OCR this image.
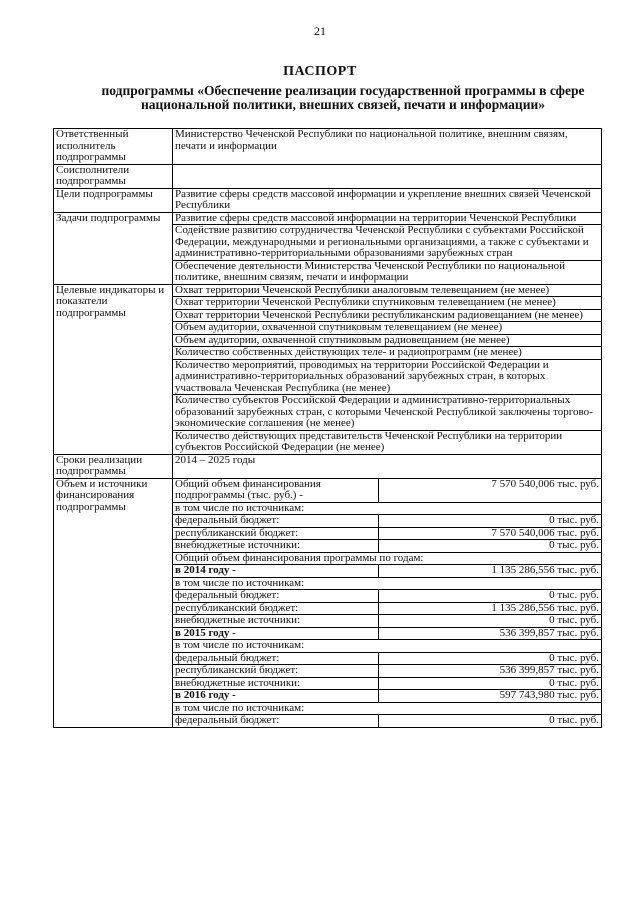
21
ПАСПОРТ
подпрограммы «Обеспечение реализации государственной программы в сфере национальной политики, внешних связей, печати и информации»
Ответственный исполнитель подпрограммы	Министерство Чеченской Республики по национальной политике, внешним связям, печати и информации	
Соисполнители подпрограммы		
Цели подпрограммы	Развитие сферы средств массовой информации и укрепление внешних связей Чеченской Республики	
Задачи подпрограммы	Развитие сферы средств массовой информации на территории Чеченской Республики	
	Содействие развитию сотрудничества Чеченской Республики с субъектами Российской Федерации, международными и региональными организациями, а также с субъектами и административно-территориальными образованиями зарубежных стран	
	Обеспечение деятельности Министерства Чеченской Республики по национальной политике, внешним связям, печати и информации	
Целевые индикаторы и показатели подпрограммы	Охват территории Чеченской Республики аналоговым телевещанием (не менее)	
	Охват территории Чеченской Республики спутниковым телевещанием (не менее)	
	Охват территории Чеченской Республики республиканским радиовещанием (не менее)	
	Объем аудитории, охваченной спутниковым телевещанием (не менее)	
	Объем аудитории, охваченной спутниковым радиовещанием (не менее)	
	Количество собственных действующих теле- и радиопрограмм (не менее)	
	Количество мероприятий, проводимых на территории Российской Федерации и административно-территориальных образований зарубежных стран, в которых участвовала Чеченская Республика (не менее)	
	Количество субъектов Российской Федерации и административно-территориальных образований зарубежных стран, с которыми Чеченской Республикой заключены торгово-экономические соглашения (не менее)	
	Количество действующих представительств Чеченской Республики на территории субъектов Российской Федерации (не менее)	
Сроки реализации подпрограммы	2014 – 2025 годы	
Объем и источники финансирования подпрограммы	Общий объем финансирования подпрограммы (тыс. руб.) -	7 570 540,006 тыс. руб.
	в том числе по источникам:	
	федеральный бюджет:	0 тыс. руб.
	республиканский бюджет:	7 570 540,006 тыс. руб.
	внебюджетные источники:	0 тыс. руб.
	Общий объем финансирования программы по годам:	
	в 2014 году -	1 135 286,556 тыс. руб.
	в том числе по источникам:	
	федеральный бюджет:	0 тыс. руб.
	республиканский бюджет:	1 135 286,556 тыс. руб.
	внебюджетные источники:	0 тыс. руб.
	в 2015 году -	536 399,857 тыс. руб.
	в том числе по источникам:	
	федеральный бюджет:	0 тыс. руб.
	республиканский бюджет:	536 399,857 тыс. руб.
	внебюджетные источники:	0 тыс. руб.
	в 2016 году -	597 743,980 тыс. руб.
	в том числе по источникам:	
	федеральный бюджет:	0 тыс. руб.
